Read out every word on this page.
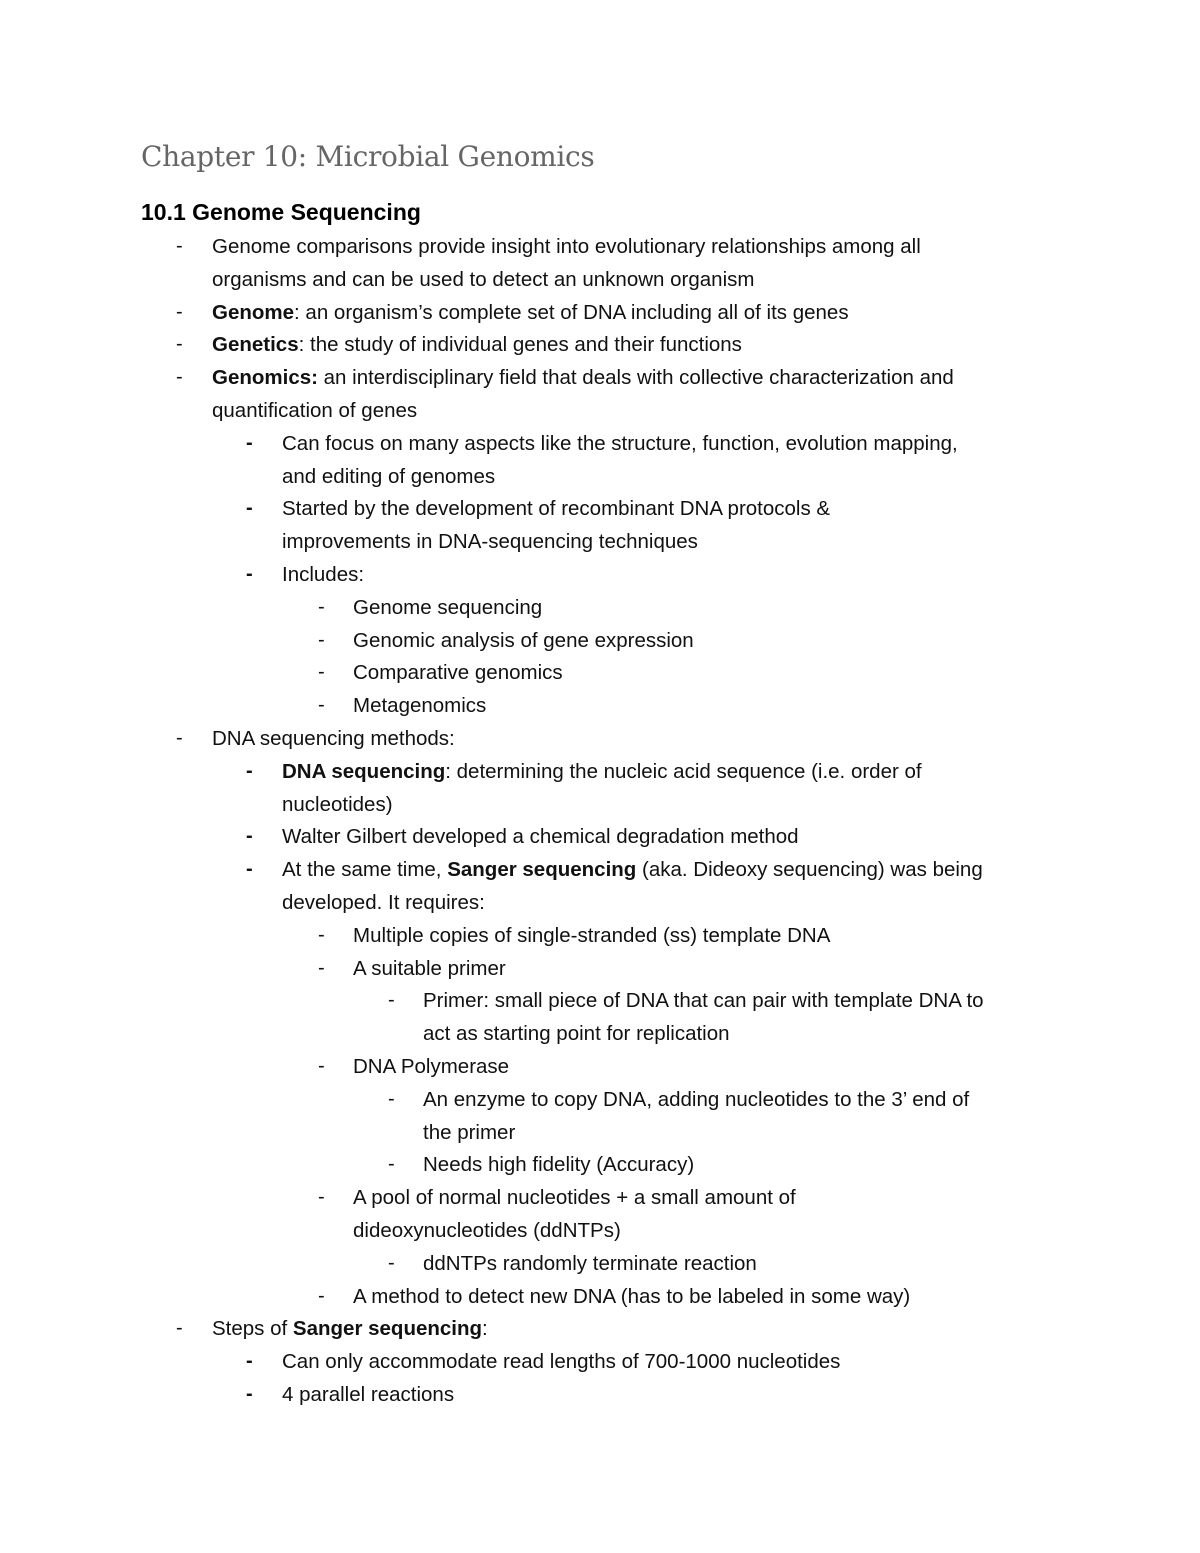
Chapter 10: Microbial Genomics
10.1 Genome Sequencing
- Genome comparisons provide insight into evolutionary relationships among all
organisms and can be used to detect an unknown organism
- Genome: an organism’s complete set of DNA including all of its genes
- Genetics: the study of individual genes and their functions
- Genomics: an interdisciplinary field that deals with collective characterization and
quantification of genes
- Can focus on many aspects like the structure, function, evolution mapping,
and editing of genomes
- Started by the development of recombinant DNA protocols &
improvements in DNA-sequencing techniques
- Includes:
- Genome sequencing
- Genomic analysis of gene expression
- Comparative genomics
- Metagenomics
- DNA sequencing methods:
- DNA sequencing: determining the nucleic acid sequence (i.e. order of
nucleotides)
- Walter Gilbert developed a chemical degradation method
- At the same time, Sanger sequencing (aka. Dideoxy sequencing) was being
developed. It requires:
- Multiple copies of single-stranded (ss) template DNA
- A suitable primer
- Primer: small piece of DNA that can pair with template DNA to
act as starting point for replication
- DNA Polymerase
- An enzyme to copy DNA, adding nucleotides to the 3’ end of
the primer
- Needs high fidelity (Accuracy)
- A pool of normal nucleotides + a small amount of
dideoxynucleotides (ddNTPs)
- ddNTPs randomly terminate reaction
- A method to detect new DNA (has to be labeled in some way)
- Steps of Sanger sequencing:
- Can only accommodate read lengths of 700-1000 nucleotides
- 4 parallel reactions
